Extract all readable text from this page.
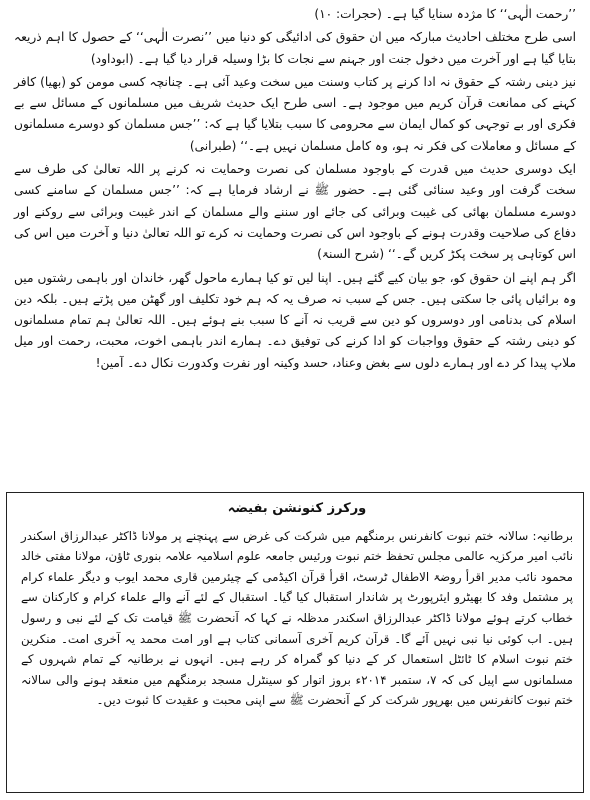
’’رحمت الٰہی‘‘ کا مژدہ سنایا گیا ہے۔ (حجرات: ۱۰)

اسی طرح مختلف احادیث مبارکہ میں ان حقوق کی ادائیگی کو دنیا میں ’’نصرت الٰہی‘‘ کے حصول کا اہم ذریعہ بتایا گیا ہے اور آخرت میں دخول جنت اور جہنم سے نجات کا بڑا وسیلہ قرار دیا گیا ہے۔ (ابوداود)

نیز دینی رشتہ کے حقوق نہ ادا کرنے پر کتاب وسنت میں سخت وعید آئی ہے۔ چنانچہ کسی مومن کو (بھیا) کافر کہنے کی ممانعت قرآن کریم میں موجود ہے۔ اسی طرح ایک حدیث شریف میں مسلمانوں کے مسائل سے بے فکری اور بے توجہی کو کمال ایمان سے محرومی کا سبب بتلایا گیا ہے کہ: ’’جس مسلمان کو دوسرے مسلمانوں کے مسائل و معاملات کی فکر نہ ہو، وہ کامل مسلمان نہیں ہے۔‘‘ (طبرانی)

ایک دوسری حدیث میں قدرت کے باوجود مسلمان کی نصرت وحمایت نہ کرنے پر اللہ تعالیٰ کی طرف سے سخت گرفت اور وعید سنائی گئی ہے۔ حضور ﷺ نے ارشاد فرمایا ہے کہ: ’’جس مسلمان کے سامنے کسی دوسرے مسلمان بھائی کی غیبت وبرائی کی جائے اور سننے والے مسلمان کے اندر غیبت وبرائی سے روکنے اور دفاع کی صلاحیت وقدرت ہونے کے باوجود اس کی نصرت وحمایت نہ کرے تو اللہ تعالیٰ دنیا و آخرت میں اس کی اس کوتاہی پر سخت پکڑ کریں گے۔‘‘ (شرح السنۃ)

اگر ہم اپنے ان حقوق کو، جو بیان کیے گئے ہیں۔ اپنا لیں تو کیا ہمارے ماحول گھر، خاندان اور باہمی رشتوں میں وہ برائیاں پائی جا سکتی ہیں۔ جس کے سبب نہ صرف یہ کہ ہم خود تکلیف اور گھٹن میں پڑتے ہیں۔ بلکہ دین اسلام کی بدنامی اور دوسروں کو دین سے قریب نہ آنے کا سبب بنے ہوئے ہیں۔ اللہ تعالیٰ ہم تمام مسلمانوں کو دینی رشتہ کے حقوق وواجبات کو ادا کرنے کی توفیق دے۔ ہمارے اندر باہمی اخوت، محبت، رحمت اور میل ملاپ پیدا کر دے اور ہمارے دلوں سے بغض وعناد، حسد وکینہ اور نفرت وکدورت نکال دے۔ آمین!

ورکرز کنونشن بفیضہ

برطانیہ: سالانہ ختم نبوت کانفرنس برمنگھم میں شرکت کی غرض سے پہنچنے پر مولانا ڈاکٹر عبدالرزاق اسکندر نائب امیر مرکزیہ عالمی مجلس تحفظ ختم نبوت ورئیس جامعہ علوم اسلامیہ علامہ بنوری ٹاؤن، مولانا مفتی خالد محمود نائب مدیر اقرأ روضۃ الاطفال ٹرسٹ، اقرأ قرآن اکیڈمی کے چیئرمین قاری محمد ایوب و دیگر علماء کرام پر مشتمل وفد کا بھیٹرو ایئرپورٹ پر شاندار استقبال کیا گیا۔ استقبال کے لئے آنے والے علماء کرام و کارکنان سے خطاب کرتے ہوئے مولانا ڈاکٹر عبدالرزاق اسکندر مدظلہ نے کہا کہ آنحضرت ﷺ قیامت تک کے لئے نبی و رسول ہیں۔ اب کوئی نیا نبی نہیں آئے گا۔ قرآن کریم آخری آسمانی کتاب ہے اور امت محمد یہ آخری امت۔ منکرین ختم نبوت اسلام کا ٹائٹل استعمال کر کے دنیا کو گمراہ کر رہے ہیں۔ انہوں نے برطانیہ کے تمام شہروں کے مسلمانوں سے اپیل کی کہ ۷، ستمبر ۲۰۱۴ء بروز اتوار کو سینٹرل مسجد برمنگھم میں منعقد ہونے والی سالانہ ختم نبوت کانفرنس میں بھرپور شرکت کر کے آنحضرت ﷺ سے اپنی محبت و عقیدت کا ثبوت دیں۔
